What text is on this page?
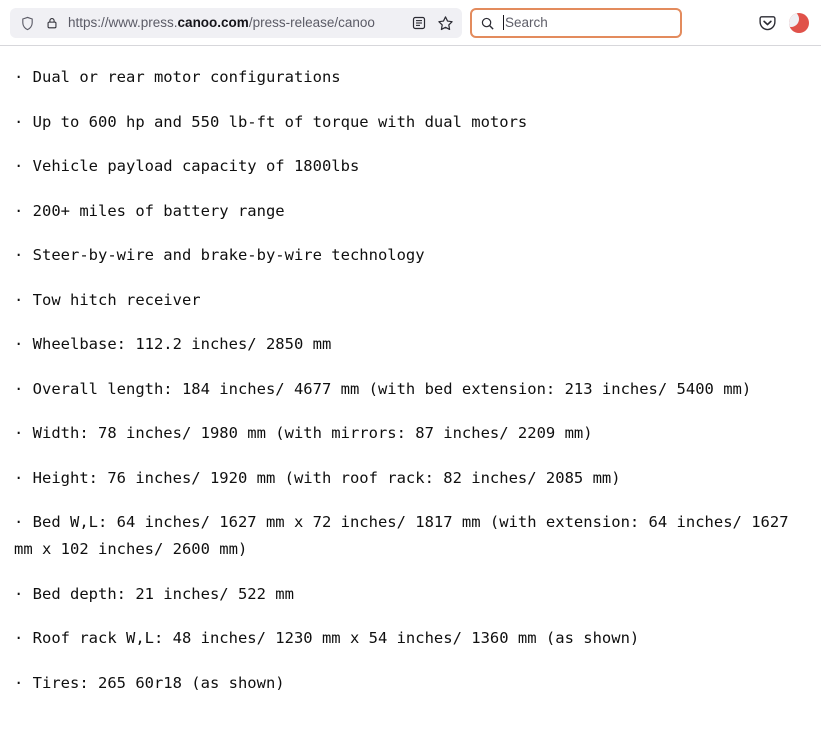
https://www.press.canoo.com/press-release/canoo	Search

· Dual or rear motor configurations

· Up to 600 hp and 550 lb-ft of torque with dual motors

· Vehicle payload capacity of 1800lbs

· 200+ miles of battery range

· Steer-by-wire and brake-by-wire technology

· Tow hitch receiver

· Wheelbase: 112.2 inches/ 2850 mm

· Overall length: 184 inches/ 4677 mm (with bed extension: 213 inches/ 5400 mm)

· Width: 78 inches/ 1980 mm (with mirrors: 87 inches/ 2209 mm)

· Height: 76 inches/ 1920 mm (with roof rack: 82 inches/ 2085 mm)

· Bed W,L: 64 inches/ 1627 mm x 72 inches/ 1817 mm (with extension: 64 inches/ 1627 mm x 102 inches/ 2600 mm)

· Bed depth: 21 inches/ 522 mm

· Roof rack W,L: 48 inches/ 1230 mm x 54 inches/ 1360 mm (as shown)

· Tires: 265 60r18 (as shown)
